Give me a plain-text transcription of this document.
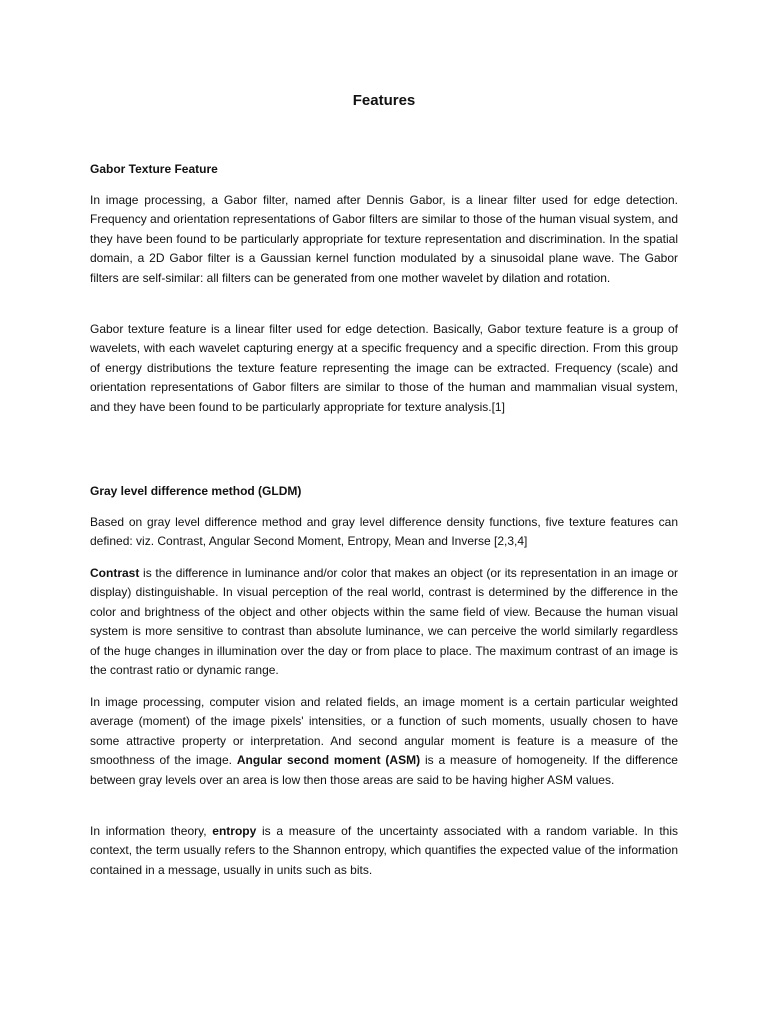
Features
Gabor Texture Feature

In image processing, a Gabor filter, named after Dennis Gabor, is a linear filter used for edge detection. Frequency and orientation representations of Gabor filters are similar to those of the human visual system, and they have been found to be particularly appropriate for texture representation and discrimination. In the spatial domain, a 2D Gabor filter is a Gaussian kernel function modulated by a sinusoidal plane wave. The Gabor filters are self-similar: all filters can be generated from one mother wavelet by dilation and rotation.

Gabor texture feature is a linear filter used for edge detection. Basically, Gabor texture feature is a group of wavelets, with each wavelet capturing energy at a specific frequency and a specific direction. From this group of energy distributions the texture feature representing the image can be extracted. Frequency (scale) and orientation representations of Gabor filters are similar to those of the human and mammalian visual system, and they have been found to be particularly appropriate for texture analysis.[1]

Gray level difference method (GLDM)

Based on gray level difference method and gray level difference density functions, five texture features can defined: viz. Contrast, Angular Second Moment, Entropy, Mean and Inverse [2,3,4]

Contrast is the difference in luminance and/or color that makes an object (or its representation in an image or display) distinguishable. In visual perception of the real world, contrast is determined by the difference in the color and brightness of the object and other objects within the same field of view. Because the human visual system is more sensitive to contrast than absolute luminance, we can perceive the world similarly regardless of the huge changes in illumination over the day or from place to place. The maximum contrast of an image is the contrast ratio or dynamic range.

In image processing, computer vision and related fields, an image moment is a certain particular weighted average (moment) of the image pixels' intensities, or a function of such moments, usually chosen to have some attractive property or interpretation. And second angular moment is feature is a measure of the smoothness of the image. Angular second moment (ASM) is a measure of homogeneity. If the difference between gray levels over an area is low then those areas are said to be having higher ASM values.

In information theory, entropy is a measure of the uncertainty associated with a random variable. In this context, the term usually refers to the Shannon entropy, which quantifies the expected value of the information contained in a message, usually in units such as bits.
